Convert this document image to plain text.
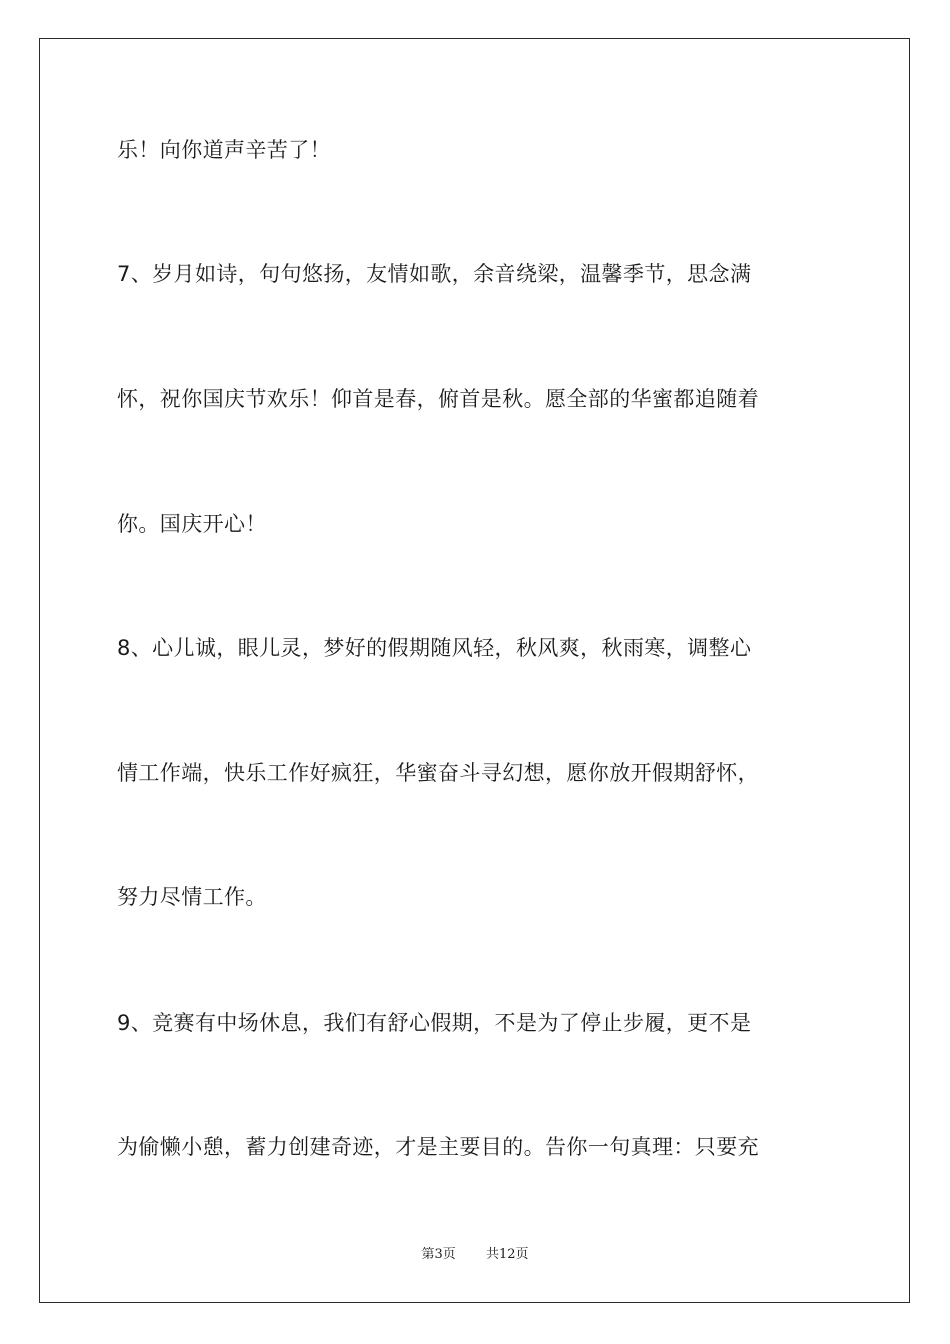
乐！向你道声辛苦了！
7、岁月如诗，句句悠扬，友情如歌，余音绕梁，温馨季节，思念满
怀，祝你国庆节欢乐！仰首是春，俯首是秋。愿全部的华蜜都追随着
你。国庆开心！
8、心儿诚，眼儿灵，梦好的假期随风轻，秋风爽，秋雨寒，调整心
情工作端，快乐工作好疯狂，华蜜奋斗寻幻想，愿你放开假期舒怀，
努力尽情工作。
9、竞赛有中场休息，我们有舒心假期，不是为了停止步履，更不是
为偷懒小憩，蓄力创建奇迹，才是主要目的。告你一句真理：只要充
第3页 共12页
